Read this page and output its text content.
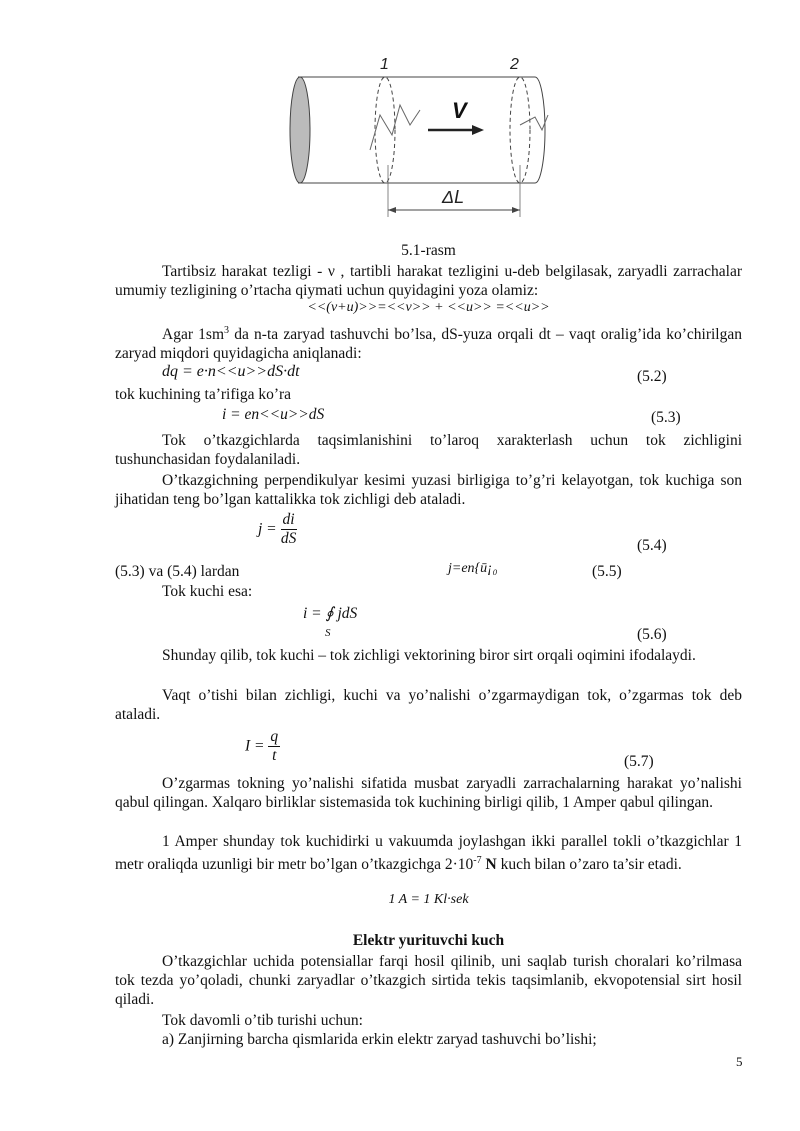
1	2
V
ΔL
5.1-rasm
Tartibsiz harakat tezligi - ν , tartibli harakat tezligini u-deb belgilasak, zaryadli zarrachalar umumiy tezligining o’rtacha qiymati uchun quyidagini yoza olamiz:
<<(v+u)>>=<<v>> + <<u>> =<<u>>
Agar $1sm^3$ da n-ta zaryad tashuvchi bo’lsa, dS-yuza orqali dt – vaqt oralig’ida ko’chirilgan zaryad miqdori quyidagicha aniqlanadi:
dq = e·n<<u>>dS·dt	(5.2)
tok kuchining ta’rifiga ko’ra
i = en<<u>>dS	(5.3)
Tok o’tkazgichlarda taqsimlanishini to’laroq xarakterlash uchun tok zichligini tushunchasidan foydalaniladi.
O’tkazgichning perpendikulyar kesimi yuzasi birligiga to’g’ri kelayotgan, tok kuchiga son jihatidan teng bo’lgan kattalikka tok zichligi deb ataladi.
$j = \frac{di}{dS}$	(5.4)
(5.3) va (5.4) lardan	j=en{ū¡₀	(5.5)
Tok kuchi esa:
i = ∮ jdS
S	(5.6)
Shunday qilib, tok kuchi – tok zichligi vektorining biror sirt orqali oqimini ifodalaydi.
Vaqt o’tishi bilan zichligi, kuchi va yo’nalishi o’zgarmaydigan tok, o’zgarmas tok deb ataladi.
$I = \frac{q}{t}$	(5.7)
O’zgarmas tokning yo’nalishi sifatida musbat zaryadli zarrachalarning harakat yo’nalishi qabul qilingan. Xalqaro birliklar sistemasida tok kuchining birligi qilib, 1 Amper qabul qilingan.
1 Amper shunday tok kuchidirki u vakuumda joylashgan ikki parallel tokli o’tkazgichlar 1 metr oraliqda uzunligi bir metr bo’lgan o’tkazgichga $2\cdot 10^{-7}$ N kuch bilan o’zaro ta’sir etadi.
1 A = 1 Kl·sek
Elektr yurituvchi kuch
O’tkazgichlar uchida potensiallar farqi hosil qilinib, uni saqlab turish choralari ko’rilmasa tok tezda yo’qoladi, chunki zaryadlar o’tkazgich sirtida tekis taqsimlanib, ekvopotensial sirt hosil qiladi.
Tok davomli o’tib turishi uchun:
a) Zanjirning barcha qismlarida erkin elektr zaryad tashuvchi bo’lishi;
5
